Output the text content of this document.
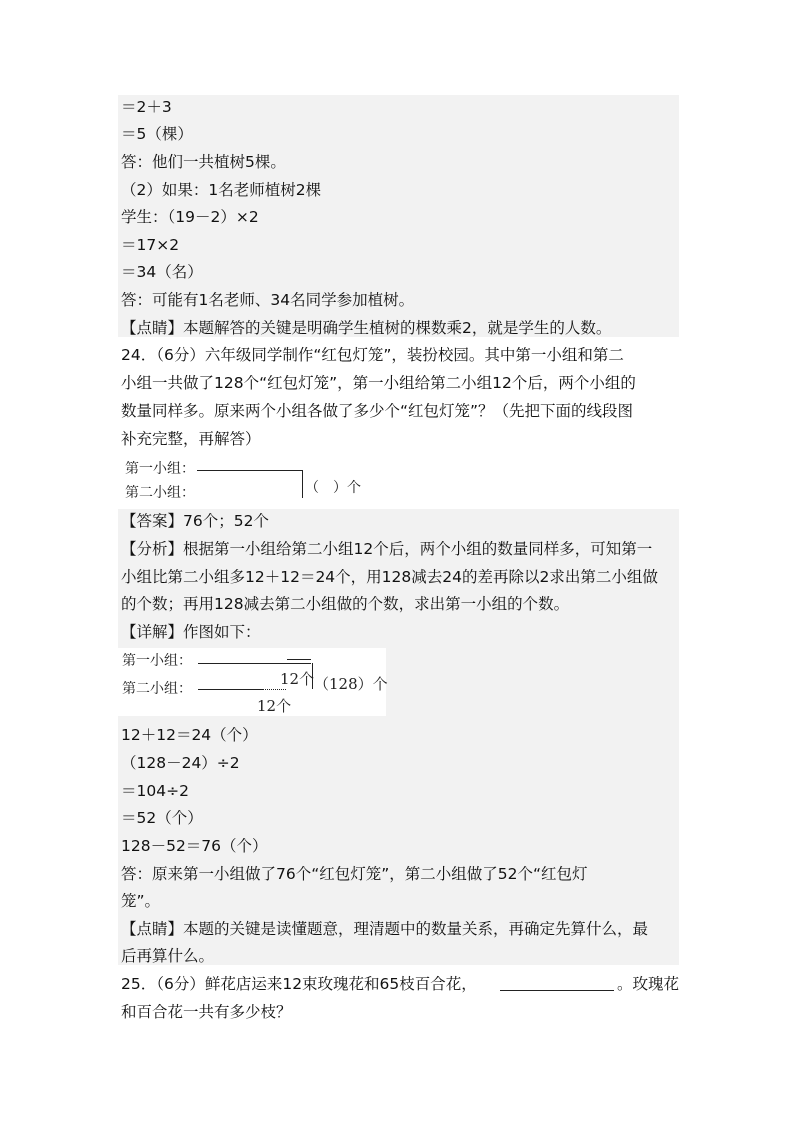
＝2＋3
＝5（棵）
答：他们一共植树5棵。
（2）如果：1名老师植树2棵
学生：（19－2）×2
＝17×2
＝34（名）
答：可能有1名老师、34名同学参加植树。
【点睛】本题解答的关键是明确学生植树的棵数乘2，就是学生的人数。
24．（6分）六年级同学制作“红包灯笼”，装扮校园。其中第一小组和第二
小组一共做了128个“红包灯笼”，第一小组给第二小组12个后，两个小组的
数量同样多。原来两个小组各做了多少个“红包灯笼”？（先把下面的线段图
补充完整，再解答）
第一小组：
第二小组：	（　）个
【答案】76个；52个
【分析】根据第一小组给第二小组12个后，两个小组的数量同样多，可知第一
小组比第二小组多12＋12＝24个，用128减去24的差再除以2求出第二小组做
的个数；再用128减去第二小组做的个数，求出第一小组的个数。
【详解】作图如下：
第一小组：
12个 （128）个
第二小组：
12个
12＋12＝24（个）
（128－24）÷2
＝104÷2
＝52（个）
128－52＝76（个）
答：原来第一小组做了76个“红包灯笼”，第二小组做了52个“红包灯
笼”。
【点睛】本题的关键是读懂题意，理清题中的数量关系，再确定先算什么，最
后再算什么。
25．（6分）鲜花店运来12束玫瑰花和65枝百合花，	。玫瑰花
和百合花一共有多少枝？
